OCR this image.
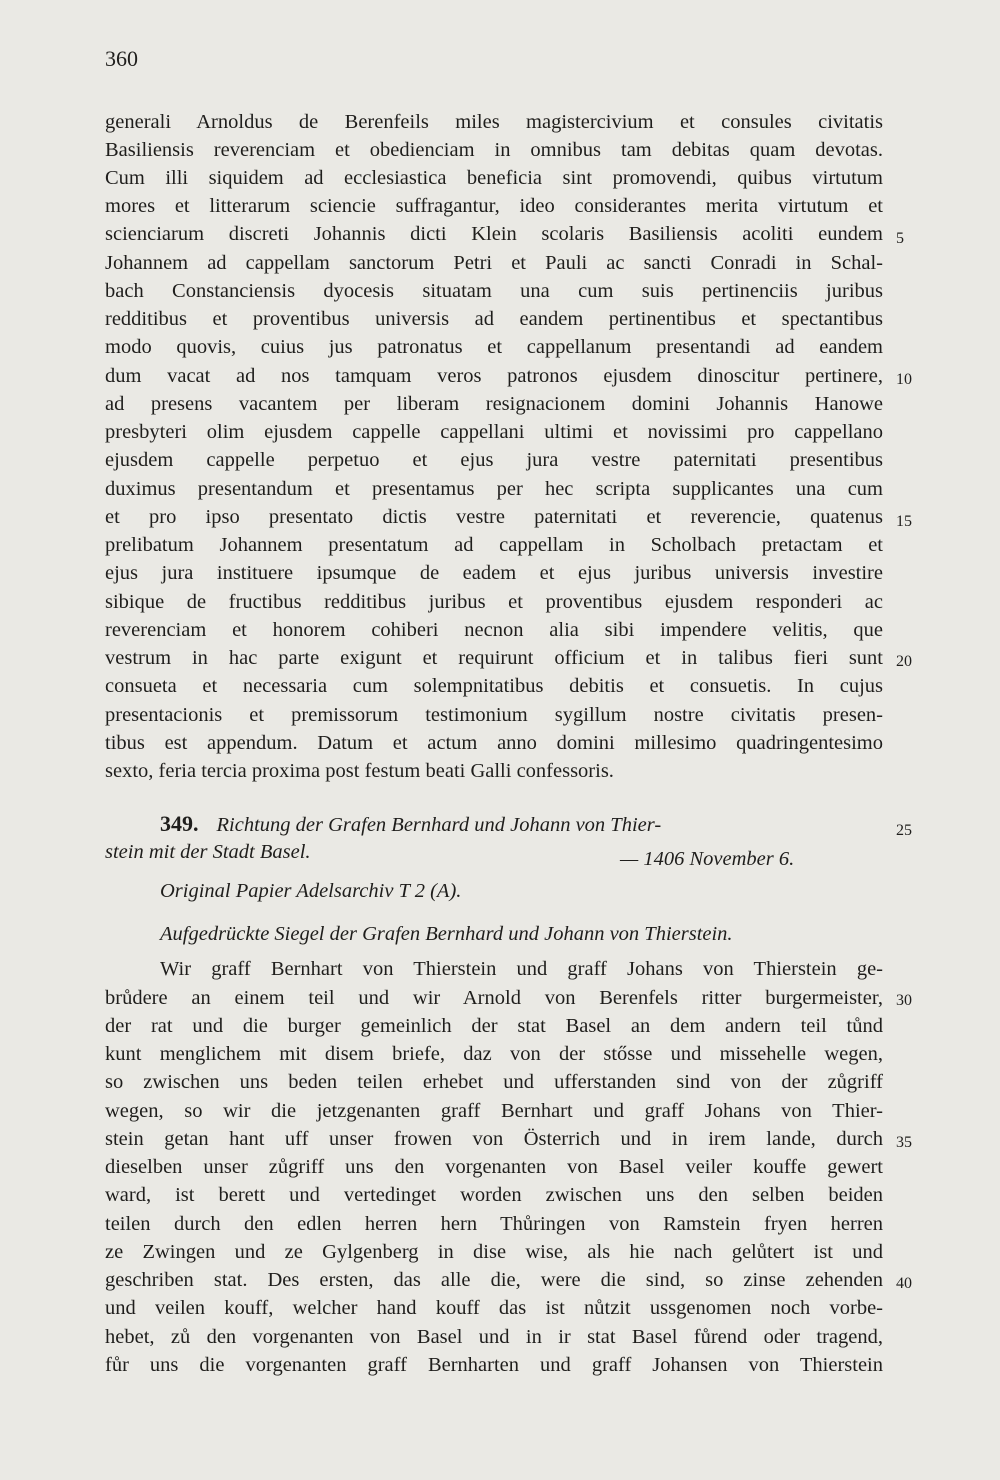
360
generali Arnoldus de Berenfeils miles magistercivium et consules civitatis
Basiliensis reverenciam et obedienciam in omnibus tam debitas quam devotas.
Cum illi siquidem ad ecclesiastica beneficia sint promovendi, quibus virtutum
mores et litterarum sciencie suffragantur, ideo considerantes merita virtutum et
scienciarum discreti Johannis dicti Klein scolaris Basiliensis acoliti eundem
Johannem ad cappellam sanctorum Petri et Pauli ac sancti Conradi in Schal-
bach Constanciensis dyocesis situatam una cum suis pertinenciis juribus
redditibus et proventibus universis ad eandem pertinentibus et spectantibus
modo quovis, cuius jus patronatus et cappellanum presentandi ad eandem
dum vacat ad nos tamquam veros patronos ejusdem dinoscitur pertinere,
ad presens vacantem per liberam resignacionem domini Johannis Hanowe
presbyteri olim ejusdem cappelle cappellani ultimi et novissimi pro cappellano
ejusdem cappelle perpetuo et ejus jura vestre paternitati presentibus
duximus presentandum et presentamus per hec scripta supplicantes una cum
et pro ipso presentato dictis vestre paternitati et reverencie, quatenus
prelibatum Johannem presentatum ad cappellam in Scholbach pretactam et
ejus jura instituere ipsumque de eadem et ejus juribus universis investire
sibique de fructibus redditibus juribus et proventibus ejusdem responderi ac
reverenciam et honorem cohiberi necnon alia sibi impendere velitis, que
vestrum in hac parte exigunt et requirunt officium et in talibus fieri sunt
consueta et necessaria cum solempnitatibus debitis et consuetis. In cujus
presentacionis et premissorum testimonium sygillum nostre civitatis presen-
tibus est appendum. Datum et actum anno domini millesimo quadringentesimo
sexto, feria tercia proxima post festum beati Galli confessoris.
5
10
15
20
25
30
35
40
349. Richtung der Grafen Bernhard und Johann von Thier-
stein mit der Stadt Basel.	— 1406 November 6.
Original Papier Adelsarchiv T 2 (A).
Aufgedrückte Siegel der Grafen Bernhard und Johann von Thierstein.
Wir graff Bernhart von Thierstein und graff Johans von Thierstein ge-
brůdere an einem teil und wir Arnold von Berenfels ritter burgermeister,
der rat und die burger gemeinlich der stat Basel an dem andern teil tůnd
kunt menglichem mit disem briefe, daz von der stősse und missehelle wegen,
so zwischen uns beden teilen erhebet und ufferstanden sind von der zůgriff
wegen, so wir die jetzgenanten graff Bernhart und graff Johans von Thier-
stein getan hant uff unser frowen von Österrich und in irem lande, durch
dieselben unser zůgriff uns den vorgenanten von Basel veiler kouffe gewert
ward, ist berett und vertedinget worden zwischen uns den selben beiden
teilen durch den edlen herren hern Thůringen von Ramstein fryen herren
ze Zwingen und ze Gylgenberg in dise wise, als hie nach gelůtert ist und
geschriben stat. Des ersten, das alle die, were die sind, so zinse zehenden
und veilen kouff, welcher hand kouff das ist nůtzit ussgenomen noch vorbe-
hebet, zů den vorgenanten von Basel und in ir stat Basel fůrend oder tragend,
fůr uns die vorgenanten graff Bernharten und graff Johansen von Thierstein
